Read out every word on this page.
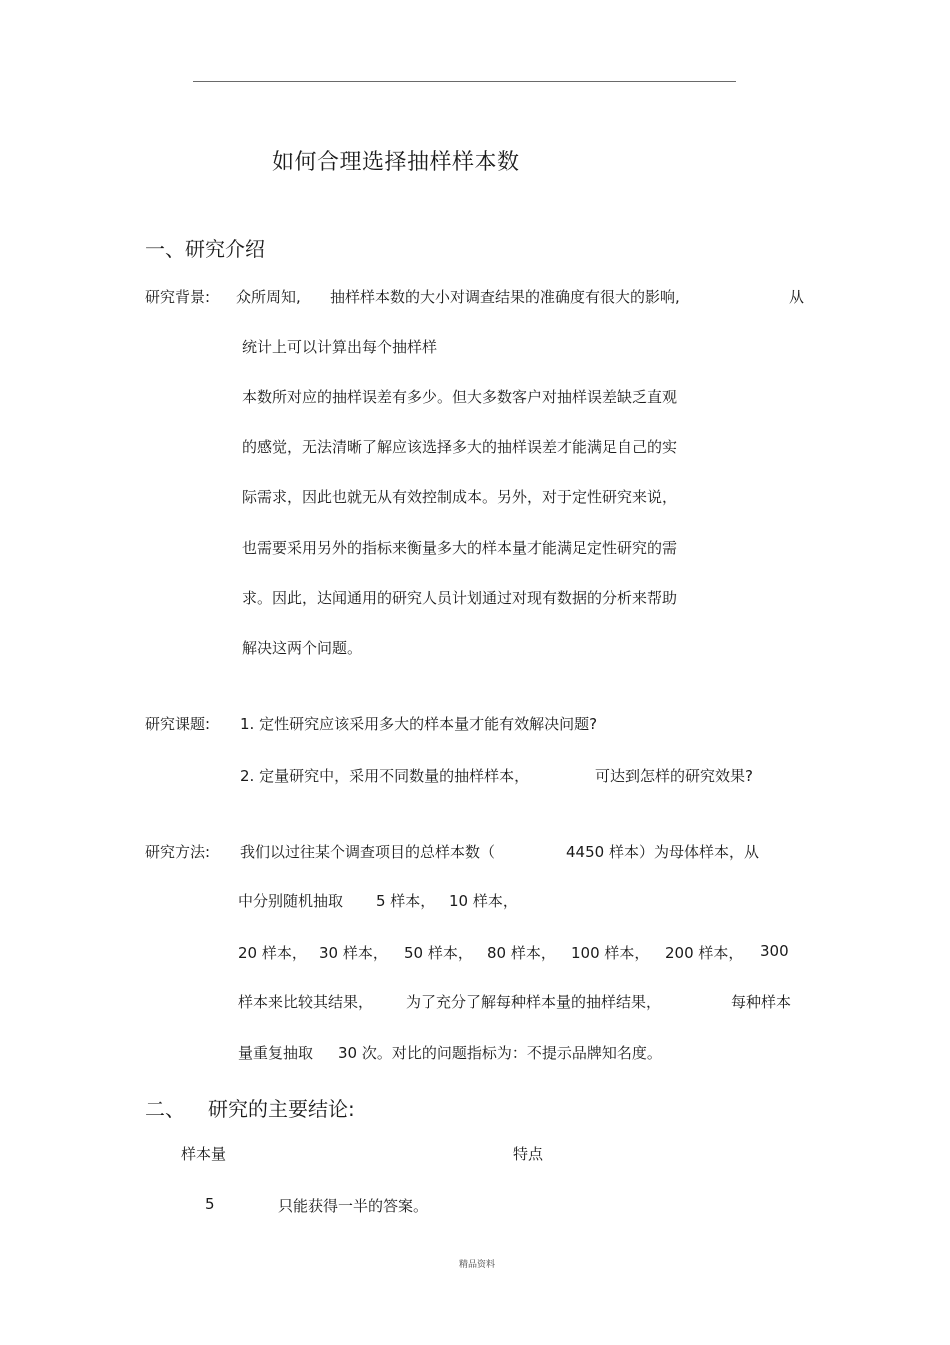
如何合理选择抽样样本数
一、研究介绍
研究背景: 众所周知, 抽样样本数的大小对调查结果的准确度有很大的影响,	从
统计上可以计算出每个抽样样
本数所对应的抽样误差有多少。但大多数客户对抽样误差缺乏直观
的感觉，无法清晰了解应该选择多大的抽样误差才能满足自己的实
际需求，因此也就无从有效控制成本。另外，对于定性研究来说，
也需要采用另外的指标来衡量多大的样本量才能满足定性研究的需
求。因此，达闻通用的研究人员计划通过对现有数据的分析来帮助
解决这两个问题。
研究课题: 1. 定性研究应该采用多大的样本量才能有效解决问题?
2. 定量研究中，采用不同数量的抽样样本，	可达到怎样的研究效果?
研究方法: 我们以过往某个调查项目的总样本数（	4450 样本）为母体样本，从
中分别随机抽取 5 样本， 10 样本，
20 样本， 30 样本， 50 样本， 80 样本， 100 样本， 200 样本， 300
样本来比较其结果， 为了充分了解每种样本量的抽样结果，	每种样本
量重复抽取 30 次。对比的问题指标为：不提示品牌知名度。
二、 研究的主要结论:
样本量	特点
5	只能获得一半的答案。
精品资料
